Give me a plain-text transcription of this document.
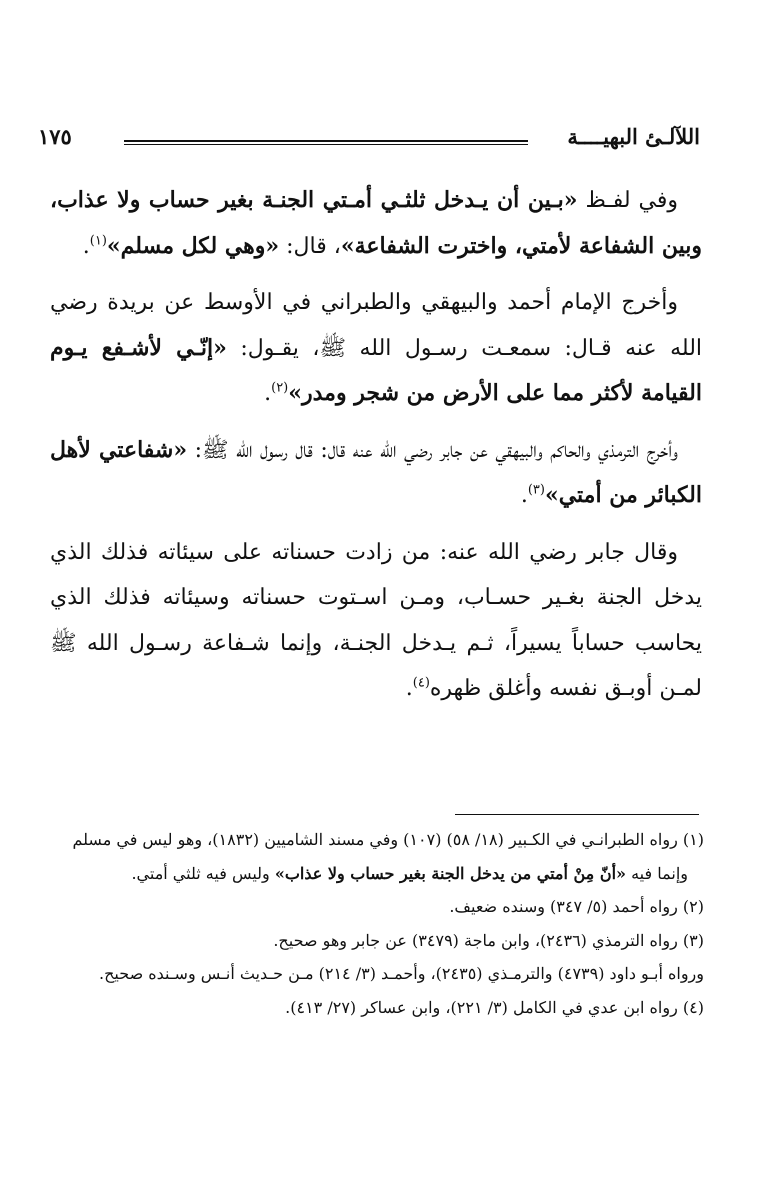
اللآلـئ البهيــــة
١٧٥

وفي لفـظ «بـين أن يـدخل ثلثـي أمـتي الجنـة بغير حساب ولا عذاب، وبين الشفاعة لأمتي، واخترت الشفاعة»، قال: «وهي لكل مسلم»$^{(١)}$.

وأخرج الإمام أحمد والبيهقي والطبراني في الأوسط عن بريدة رضي الله عنه قـال: سمعـت رسـول الله ﷺ، يقـول: «إنّـي لأشـفع يـوم القيامة لأكثر مما على الأرض من شجر ومدر»$^{(٢)}$.

وأخرج الترمذي والحاكم والبيهقي عن جابر رضي الله عنه قال: قال رسول الله ﷺ: «شفاعتي لأهل الكبائر من أمتي»$^{(٣)}$.

وقال جابر رضي الله عنه: من زادت حسناته على سيئاته فذلك الذي يدخل الجنة بغـير حسـاب، ومـن اسـتوت حسناته وسيئاته فذلك الذي يحاسب حساباً يسيراً، ثـم يـدخل الجنـة، وإنما شـفاعة رسـول الله ﷺ لمـن أوبـق نفسه وأغلق ظهره$^{(٤)}$.

(١) رواه الطبرانـي في الكـبير (١٨/ ٥٨) (١٠٧) وفي مسند الشاميين (١٨٣٢)، وهو ليس في مسلم

وإنما فيه «أنّ مِنْ أمتي من يدخل الجنة بغير حساب ولا عذاب» وليس فيه ثلثي أمتي.

(٢) رواه أحمد (٥/ ٣٤٧) وسنده ضعيف.

(٣) رواه الترمذي (٢٤٣٦)، وابن ماجة (٣٤٧٩) عن جابر وهو صحيح.

ورواه أبـو داود (٤٧٣٩) والترمـذي (٢٤٣٥)، وأحمـد (٣/ ٢١٤) مـن حـديث أنـس وسـنده صحيح.

(٤) رواه ابن عدي في الكامل (٣/ ٢٢١)، وابن عساكر (٢٧/ ٤١٣).
